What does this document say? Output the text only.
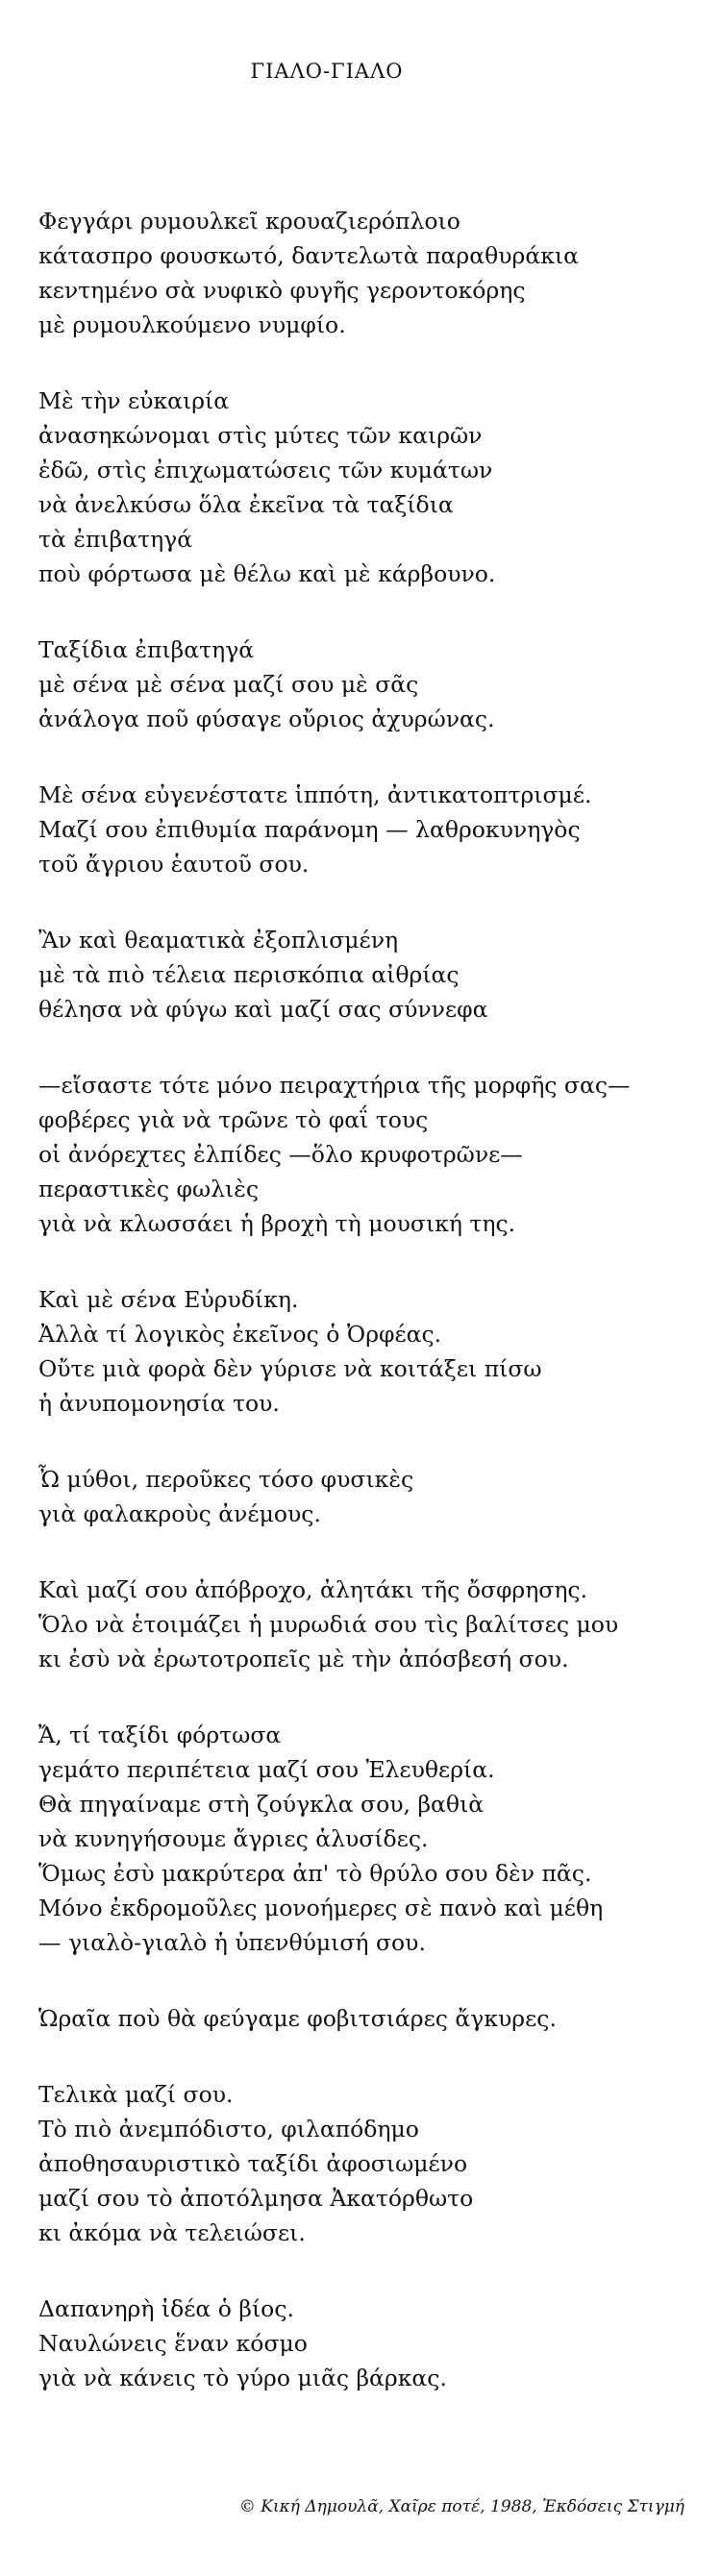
ΓΙΑΛΟ-ΓΙΑΛΟ
Φεγγάρι ρυμουλκεῖ κρουαζιερόπλοιο
κάτασπρο φουσκωτό, δαντελωτὰ παραθυράκια
κεντημένο σὰ νυφικὸ φυγῆς γεροντοκόρης
μὲ ρυμουλκούμενο νυμφίο.
Μὲ τὴν εὐκαιρία
ἀνασηκώνομαι στὶς μύτες τῶν καιρῶν
ἐδῶ, στὶς ἐπιχωματώσεις τῶν κυμάτων
νὰ ἀνελκύσω ὅλα ἐκεῖνα τὰ ταξίδια
τὰ ἐπιβατηγά
ποὺ φόρτωσα μὲ θέλω καὶ μὲ κάρβουνο.
Ταξίδια ἐπιβατηγά
μὲ σένα μὲ σένα μαζί σου μὲ σᾶς
ἀνάλογα ποῦ φύσαγε οὔριος ἀχυρώνας.
Μὲ σένα εὐγενέστατε ἱππότη, ἀντικατοπτρισμέ.
Μαζί σου ἐπιθυμία παράνομη — λαθροκυνηγὸς
τοῦ ἄγριου ἑαυτοῦ σου.
Ἂν καὶ θεαματικὰ ἐξοπλισμένη
μὲ τὰ πιὸ τέλεια περισκόπια αἰθρίας
θέλησα νὰ φύγω καὶ μαζί σας σύννεφα
—εἴσαστε τότε μόνο πειραχτήρια τῆς μορφῆς σας—
φοβέρες γιὰ νὰ τρῶνε τὸ φαΐ τους
οἱ ἀνόρεχτες ἐλπίδες —ὅλο κρυφοτρῶνε—
περαστικὲς φωλιὲς
γιὰ νὰ κλωσσάει ἡ βροχὴ τὴ μουσική της.
Καὶ μὲ σένα Εὐρυδίκη.
Ἀλλὰ τί λογικὸς ἐκεῖνος ὁ Ὀρφέας.
Οὔτε μιὰ φορὰ δὲν γύρισε νὰ κοιτάξει πίσω
ἡ ἀνυπομονησία του.
Ὦ μύθοι, περοῦκες τόσο φυσικὲς
γιὰ φαλακροὺς ἀνέμους.
Καὶ μαζί σου ἀπόβροχο, ἀλητάκι τῆς ὄσφρησης.
Ὅλο νὰ ἑτοιμάζει ἡ μυρωδιά σου τὶς βαλίτσες μου
κι ἐσὺ νὰ ἐρωτοτροπεῖς μὲ τὴν ἀπόσβεσή σου.
Ἄ, τί ταξίδι φόρτωσα
γεμάτο περιπέτεια μαζί σου Ἐλευθερία.
Θὰ πηγαίναμε στὴ ζούγκλα σου, βαθιὰ
νὰ κυνηγήσουμε ἄγριες ἁλυσίδες.
Ὅμως ἐσὺ μακρύτερα ἀπ' τὸ θρύλο σου δὲν πᾶς.
Μόνο ἐκδρομοῦλες μονοήμερες σὲ πανὸ καὶ μέθη
— γιαλὸ-γιαλὸ ἡ ὑπενθύμισή σου.
Ὡραῖα ποὺ θὰ φεύγαμε φοβιτσιάρες ἄγκυρες.
Τελικὰ μαζί σου.
Τὸ πιὸ ἀνεμπόδιστο, φιλαπόδημο
ἀποθησαυριστικὸ ταξίδι ἀφοσιωμένο
μαζί σου τὸ ἀποτόλμησα Ἀκατόρθωτο
κι ἀκόμα νὰ τελειώσει.
Δαπανηρὴ ἰδέα ὁ βίος.
Ναυλώνεις ἕναν κόσμο
γιὰ νὰ κάνεις τὸ γύρο μιᾶς βάρκας.
© Κική Δημουλᾶ, Χαῖρε ποτέ, 1988, Ἐκδόσεις Στιγμή
